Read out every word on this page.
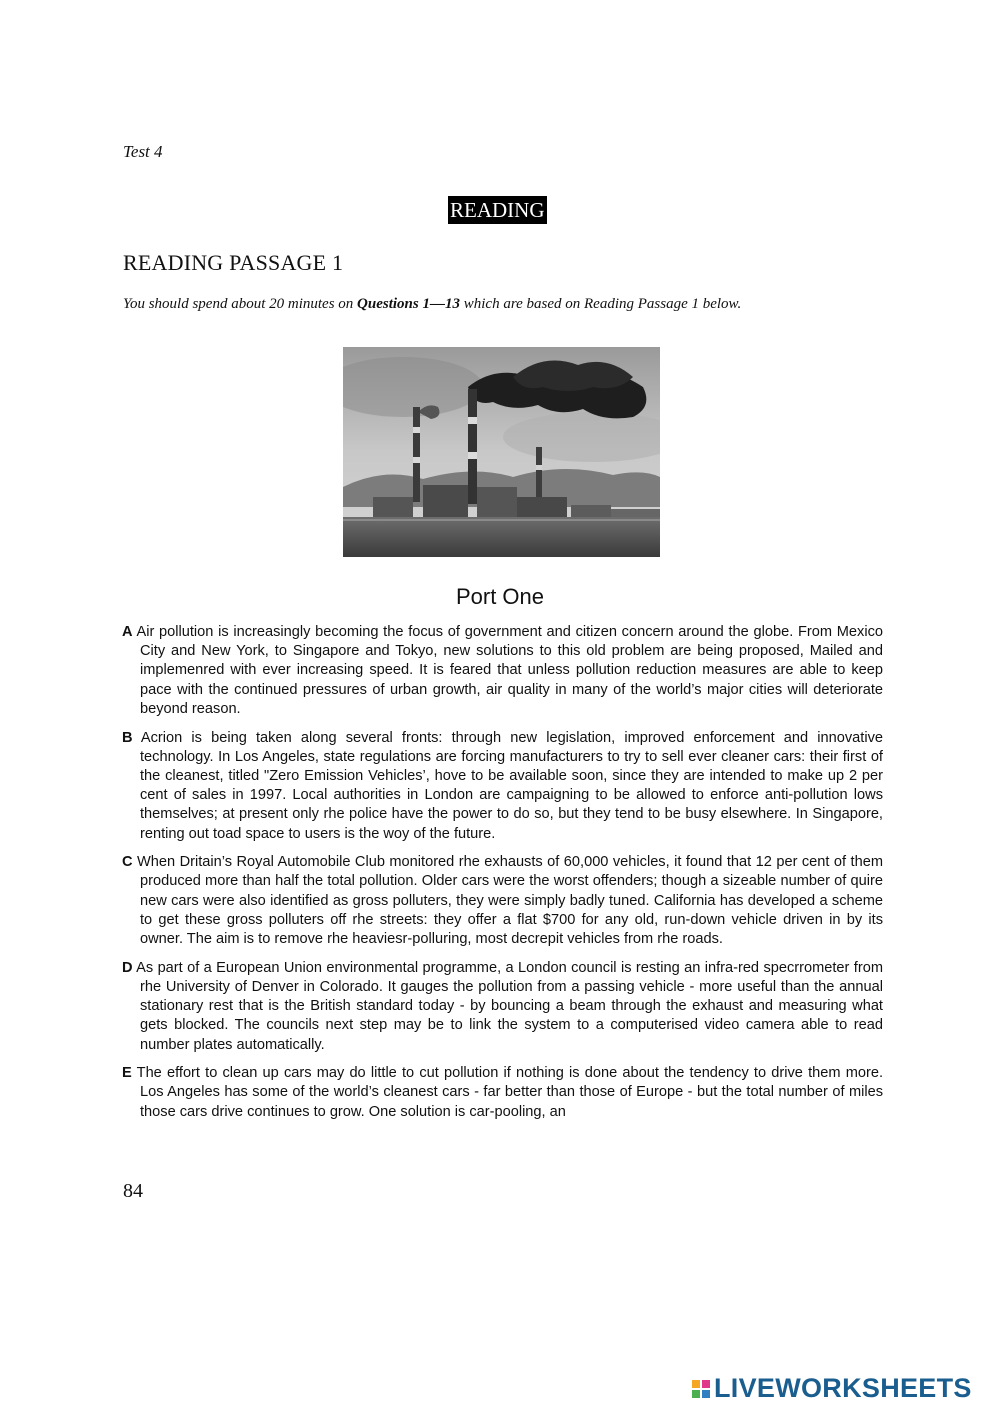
Test 4
READING
READING PASSAGE 1
You should spend about 20 minutes on Questions 1—13 which are based on Reading Passage 1 below.
Port One

A Air pollution is increasingly becoming the focus of government and citizen concern around the globe. From Mexico City and New York, to Singapore and Tokyo, new solutions to this old problem are being proposed, Mailed and implemenred with ever increasing speed. It is feared that unless pollution reduction measures are able to keep pace with the continued pressures of urban growth, air quality in many of the world’s major cities will deteriorate beyond reason.

B Acrion is being taken along several fronts: through new legislation, improved enforcement and innovative technology. In Los Angeles, state regulations are forcing manufacturers to try to sell ever cleaner cars: their first of the cleanest, titled "Zero Emission Vehicles’, hove to be available soon, since they are intended to make up 2 per cent of sales in 1997. Local authorities in London are campaigning to be allowed to enforce anti-pollution lows themselves; at present only rhe police have the power to do so, but they tend to be busy elsewhere. In Singapore, renting out toad space to users is the woy of the future.

C When Dritain’s Royal Automobile Club monitored rhe exhausts of 60,000 vehicles, it found that 12 per cent of them produced more than half the total pollution. Older cars were the worst offenders; though a sizeable number of quire new cars were also identified as gross polluters, they were simply badly tuned. California has developed a scheme to get these gross polluters off rhe streets: they offer a flat $700 for any old, run-down vehicle driven in by its owner. The aim is to remove rhe heaviesr-polluring, most decrepit vehicles from rhe roads.

D As part of a European Union environmental programme, a London council is resting an infra-red specrrometer from rhe University of Denver in Colorado. It gauges the pollution from a passing vehicle - more useful than the annual stationary rest that is the British standard today - by bouncing a beam through the exhaust and measuring what gets blocked. The councils next step may be to link the system to a computerised video camera able to read number plates automatically.

E The effort to clean up cars may do little to cut pollution if nothing is done about the tendency to drive them more. Los Angeles has some of the world’s cleanest cars - far better than those of Europe - but the total number of miles those cars drive continues to grow. One solution is car-pooling, an

84
LIVEWORKSHEETS
